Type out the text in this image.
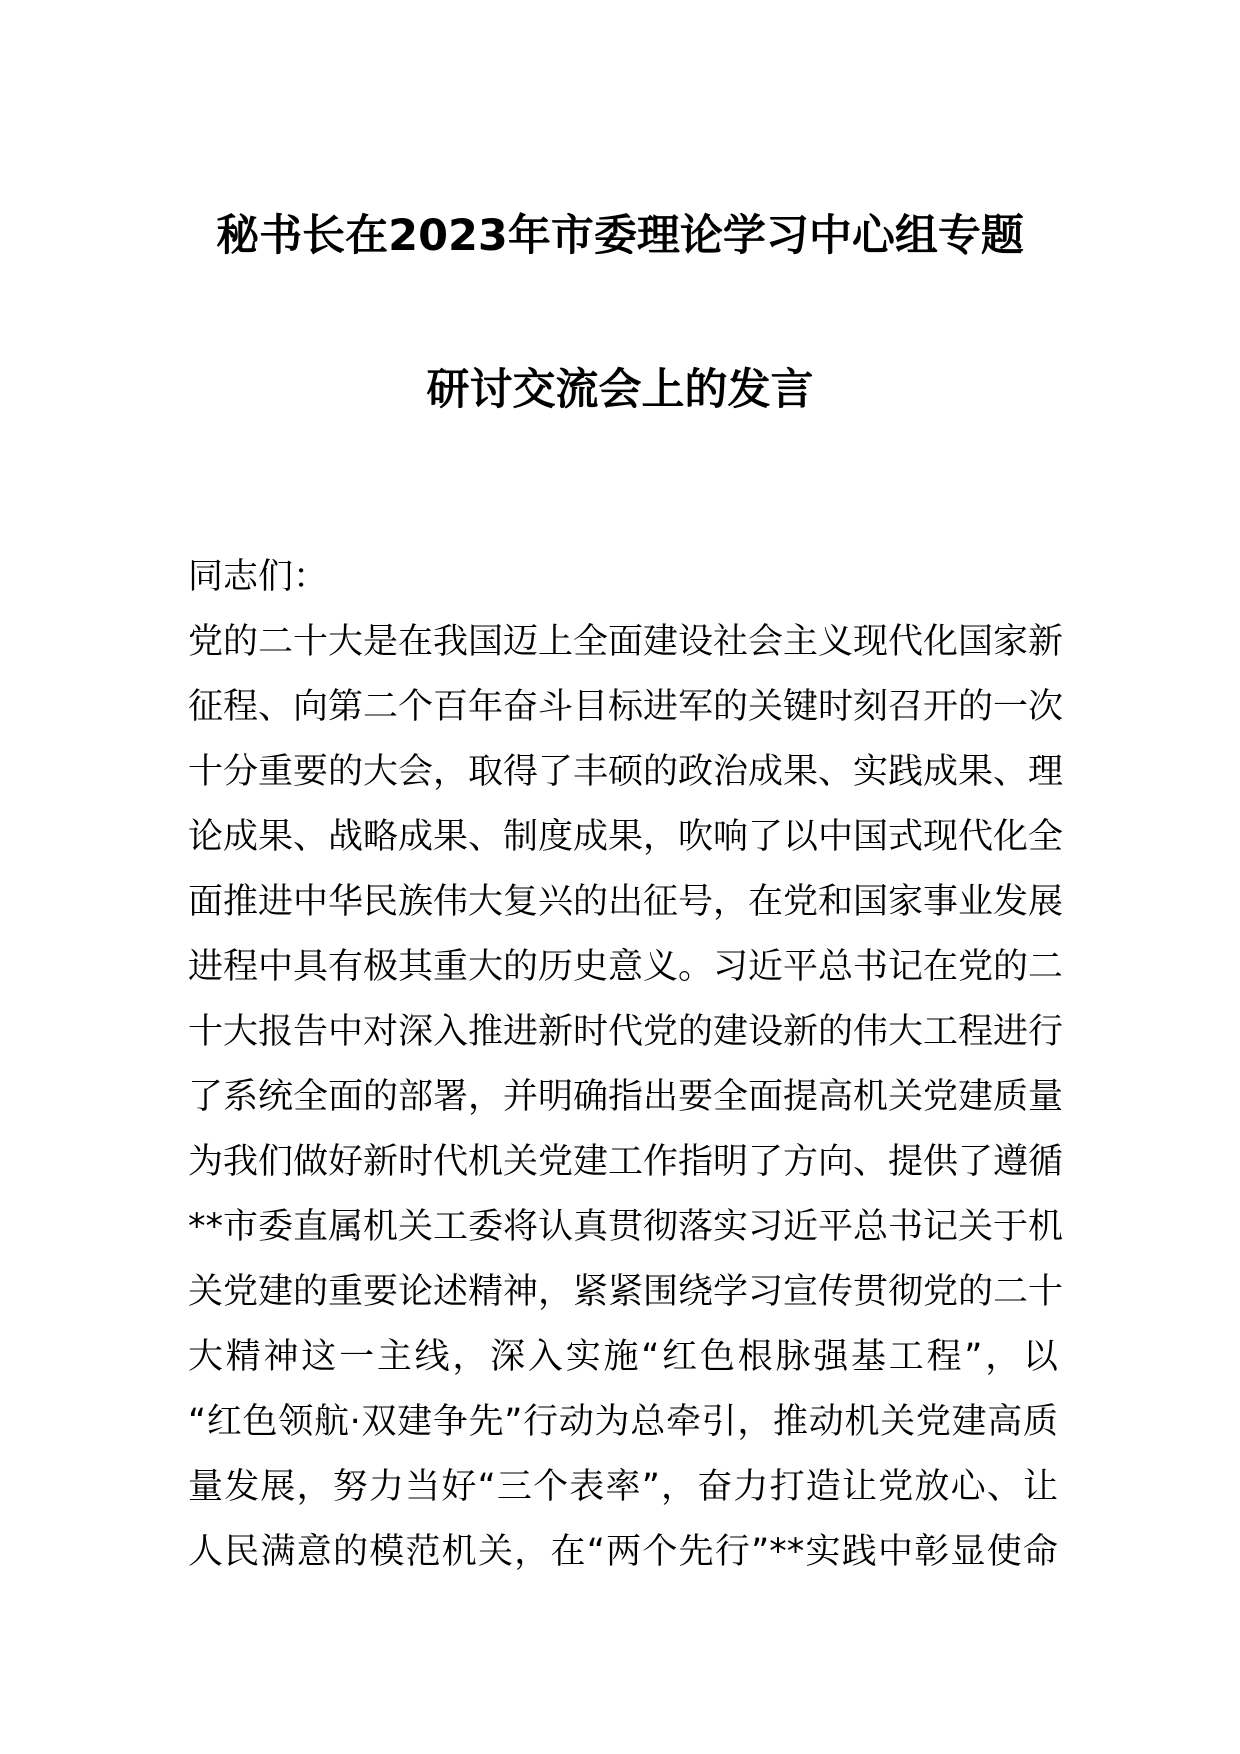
秘书长在2023年市委理论学习中心组专题
研讨交流会上的发言
同志们：
党的二十大是在我国迈上全面建设社会主义现代化国家新
征程、向第二个百年奋斗目标进军的关键时刻召开的一次
十分重要的大会，取得了丰硕的政治成果、实践成果、理
论成果、战略成果、制度成果，吹响了以中国式现代化全
面推进中华民族伟大复兴的出征号，在党和国家事业发展
进程中具有极其重大的历史意义。习近平总书记在党的二
十大报告中对深入推进新时代党的建设新的伟大工程进行
了系统全面的部署，并明确指出要全面提高机关党建质量
为我们做好新时代机关党建工作指明了方向、提供了遵循
**市委直属机关工委将认真贯彻落实习近平总书记关于机
关党建的重要论述精神，紧紧围绕学习宣传贯彻党的二十
大精神这一主线，深入实施“红色根脉强基工程”，以
“红色领航·双建争先”行动为总牵引，推动机关党建高质
量发展，努力当好“三个表率”，奋力打造让党放心、让
人民满意的模范机关，在“两个先行”**实践中彰显使命
